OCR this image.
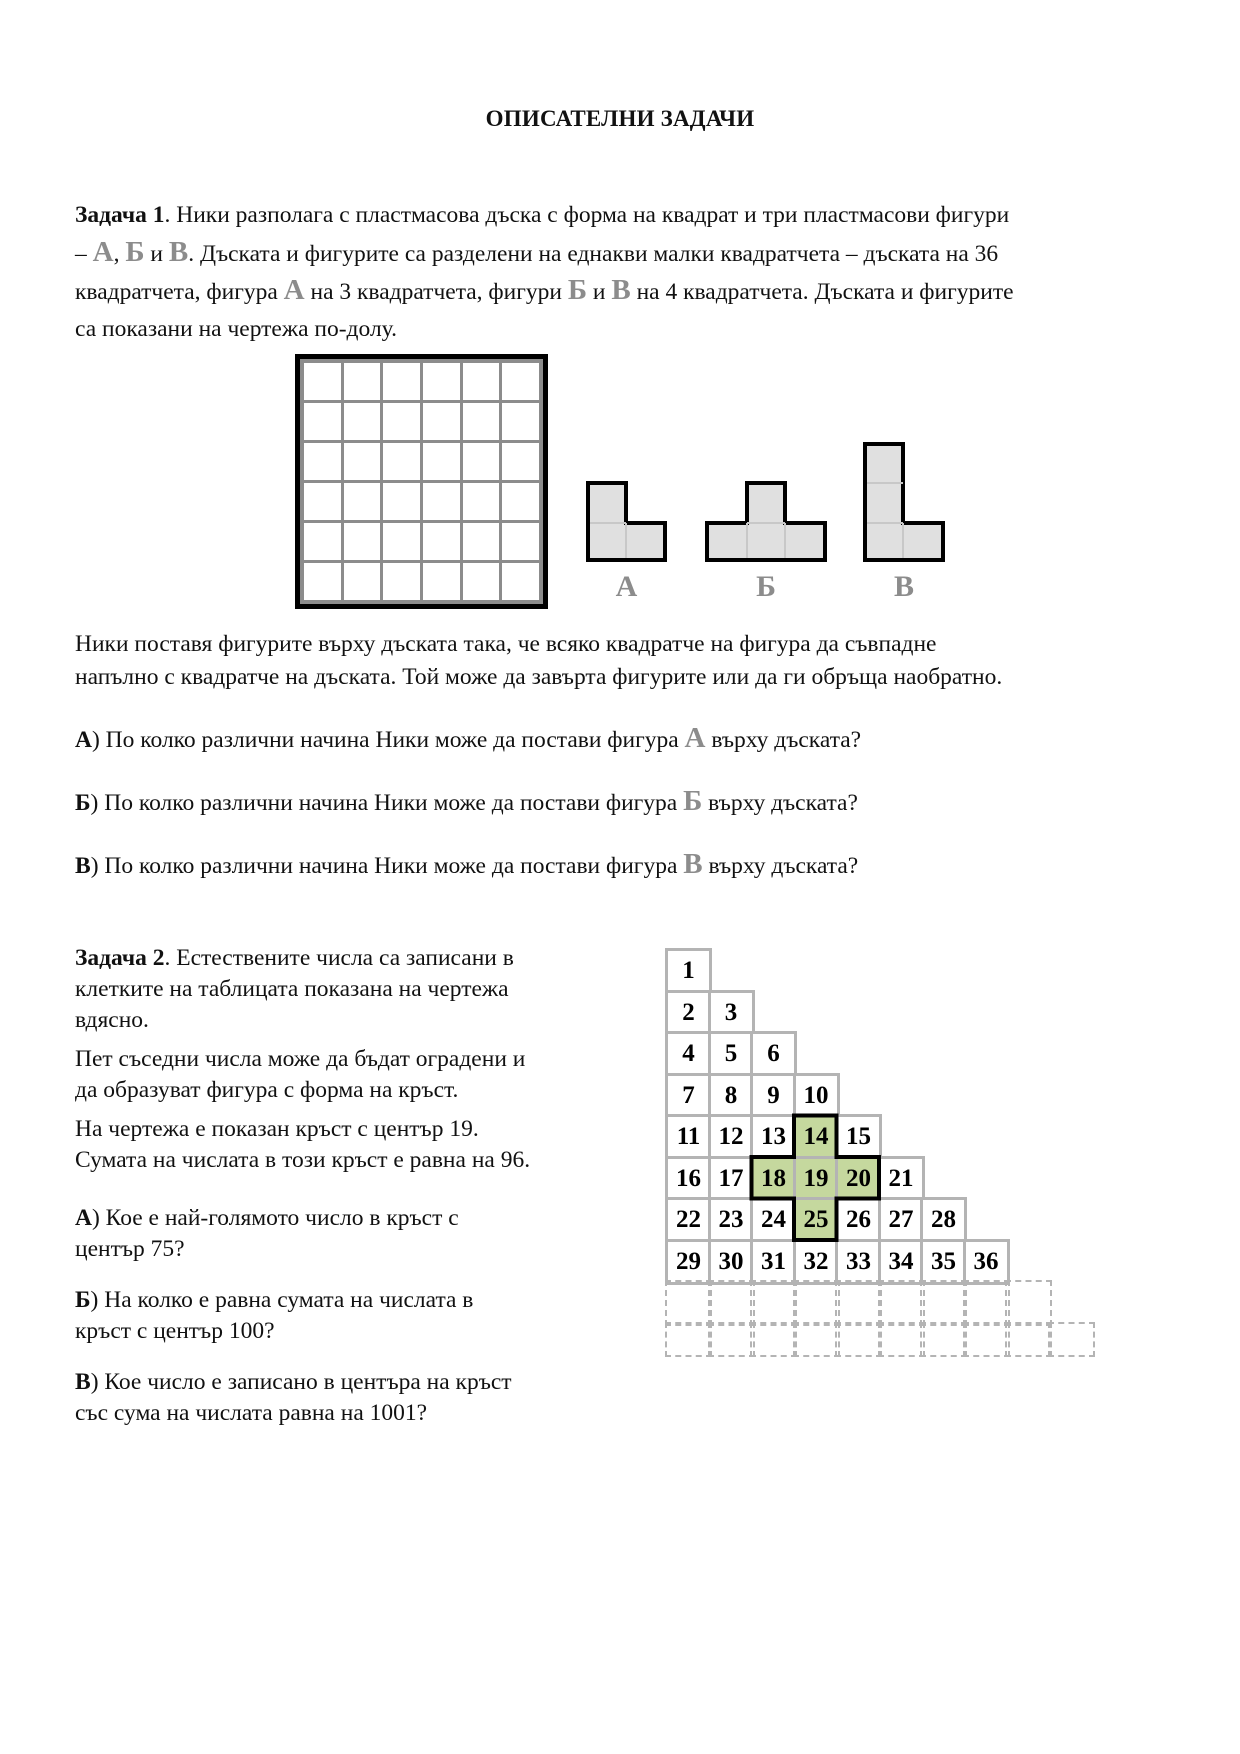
ОПИСАТЕЛНИ ЗАДАЧИ
Задача 1. Ники разполага с пластмасова дъска с форма на квадрат и три пластмасови фигури
– А, Б и В. Дъската и фигурите са разделени на еднакви малки квадратчета – дъската на 36
квадратчета, фигура А на 3 квадратчета, фигури Б и В на 4 квадратчета. Дъската и фигурите
са показани на чертежа по-долу.
А	Б	В
Ники поставя фигурите върху дъската така, че всяко квадратче на фигура да съвпадне
напълно с квадратче на дъската. Той може да завърта фигурите или да ги обръща наобратно.
А) По колко различни начина Ники може да постави фигура А върху дъската?
Б) По колко различни начина Ники може да постави фигура Б върху дъската?
В) По колко различни начина Ники може да постави фигура В върху дъската?
Задача 2. Естествените числа са записани в
клетките на таблицата показана на чертежа
вдясно.
Пет съседни числа може да бъдат оградени и
да образуват фигура с форма на кръст.
На чертежа е показан кръст с център 19.
Сумата на числата в този кръст е равна на 96.
А) Кое е най-голямото число в кръст с
център 75?
Б) На колко е равна сумата на числата в
кръст с център 100?
В) Кое число е записано в центъра на кръст
със сума на числата равна на 1001?
1
2	3
4	5	6
7	8	9 10
11 12 13 14 15
16 17 18 19 20 21
22 23 24 25 26 27 28
29 30 31 32 33 34 35 36
